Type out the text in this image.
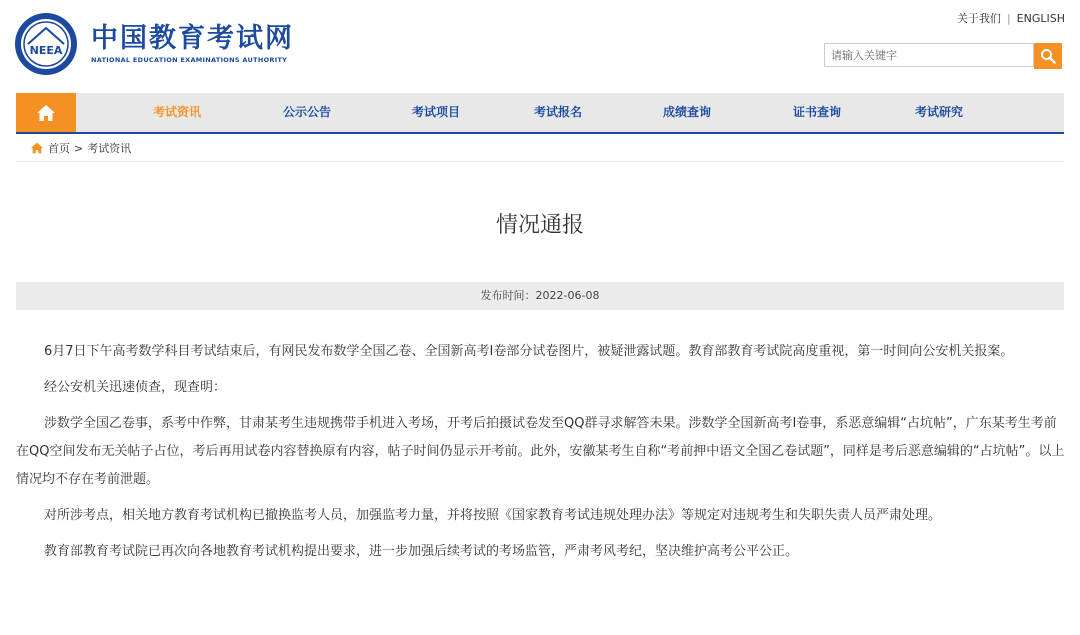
NEEA 中国教育考试网
NATIONAL EDUCATION EXAMINATIONS AUTHORITY
关于我们 | ENGLISH
请输入关键字
考试资讯	公示公告	考试项目	考试报名	成绩查询	证书查询	考试研究
首页 > 考试资讯
情况通报
发布时间：2022-06-08

6月7日下午高考数学科目考试结束后，有网民发布数学全国乙卷、全国新高考I卷部分试卷图片，被疑泄露试题。教育部教育考试院高度重视，第一时间向公安机关报案。

经公安机关迅速侦查，现查明：

涉数学全国乙卷事，系考中作弊，甘肃某考生违规携带手机进入考场，开考后拍摄试卷发至QQ群寻求解答未果。涉数学全国新高考I卷事，系恶意编辑“占坑帖”，广东某考生考前在QQ空间发布无关帖子占位，考后再用试卷内容替换原有内容，帖子时间仍显示开考前。此外，安徽某考生自称“考前押中语文全国乙卷试题”，同样是考后恶意编辑的“占坑帖”。以上情况均不存在考前泄题。

对所涉考点，相关地方教育考试机构已撤换监考人员，加强监考力量，并将按照《国家教育考试违规处理办法》等规定对违规考生和失职失责人员严肃处理。

教育部教育考试院已再次向各地教育考试机构提出要求，进一步加强后续考试的考场监管，严肃考风考纪，坚决维护高考公平公正。
